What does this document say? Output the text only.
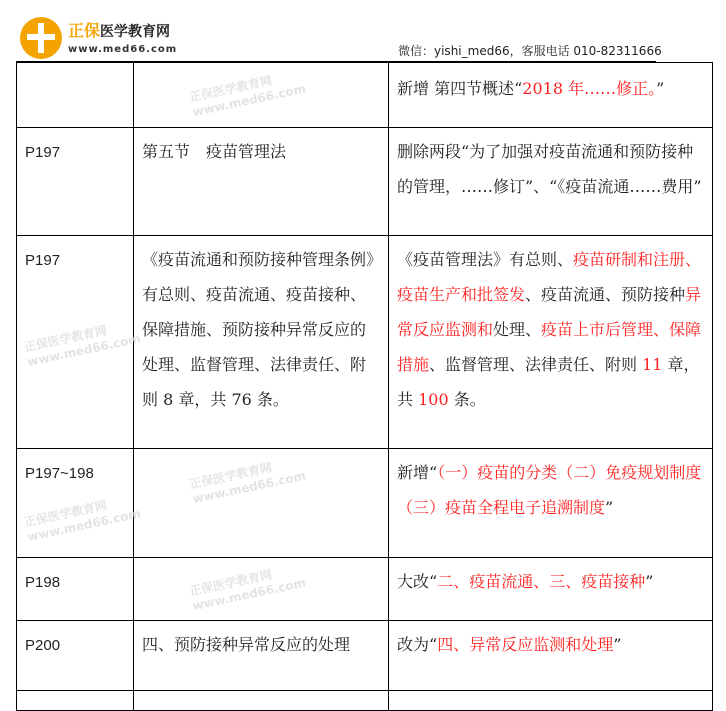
正保医学教育网
www.med66.com	微信：yishi_med66，客服电话 010-82311666
		新增 第四节概述“2018 年……修正。”
P197	第五节　疫苗管理法	删除两段“为了加强对疫苗流通和预防接种的管理，……修订”、“《疫苗流通……费用”
P197	《疫苗流通和预防接种管理条例》有总则、疫苗流通、疫苗接种、保障措施、预防接种异常反应的处理、监督管理、法律责任、附则 8 章，共 76 条。	《疫苗管理法》有总则、疫苗研制和注册、疫苗生产和批签发、疫苗流通、预防接种异常反应监测和处理、疫苗上市后管理、保障措施、监督管理、法律责任、附则 11 章，共 100 条。
P197~198		新增“（一）疫苗的分类（二）免疫规划制度（三）疫苗全程电子追溯制度”
P198		大改“二、疫苗流通、三、疫苗接种”
P200	四、预防接种异常反应的处理	改为“四、异常反应监测和处理”

正保医学教育网 www.med66.com
正保医学教育网 www.med66.com
正保医学教育网 www.med66.com
正保医学教育网 www.med66.com
正保医学教育网 www.med66.com
